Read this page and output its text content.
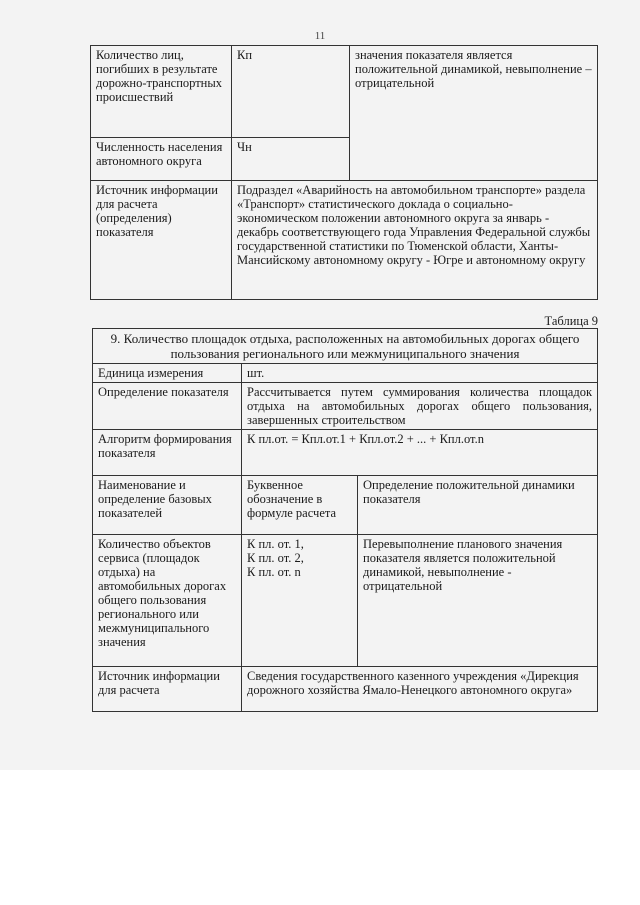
11
Количество лиц, погибших в результате дорожно-транспортных происшествий	Кп	значения показателя является положительной динамикой, невыполнение – отрицательной
Численность населения автономного округа	Чн	
Источник информации для расчета (определения) показателя	Подраздел «Аварийность на автомобильном транспорте» раздела «Транспорт» статистического доклада о социально-экономическом положении автономного округа за январь - декабрь соответствующего года Управления Федеральной службы государственной статистики по Тюменской области, Ханты-Мансийскому автономному округу - Югре и автономному округу	
Таблица 9
9. Количество площадок отдыха, расположенных на автомобильных дорогах общего пользования регионального или межмуниципального значения		
Единица измерения	шт.	
Определение показателя	Рассчитывается путем суммирования количества площадок отдыха на автомобильных дорогах общего пользования, завершенных строительством	
Алгоритм формирования показателя	К пл.от. = Кпл.от.1 + Кпл.от.2 + ... + Кпл.от.n	
Наименование и определение базовых показателей	Буквенное обозначение в формуле расчета	Определение положительной динамики показателя
Количество объектов сервиса (площадок отдыха) на автомобильных дорогах общего пользования регионального или межмуниципального значения	К пл. от. 1,
К пл. от. 2,
К пл. от. n	Перевыполнение планового значения показателя является положительной динамикой, невыполнение - отрицательной
Источник информации для расчета	Сведения государственного казенного учреждения «Дирекция дорожного хозяйства Ямало-Ненецкого автономного округа»	
